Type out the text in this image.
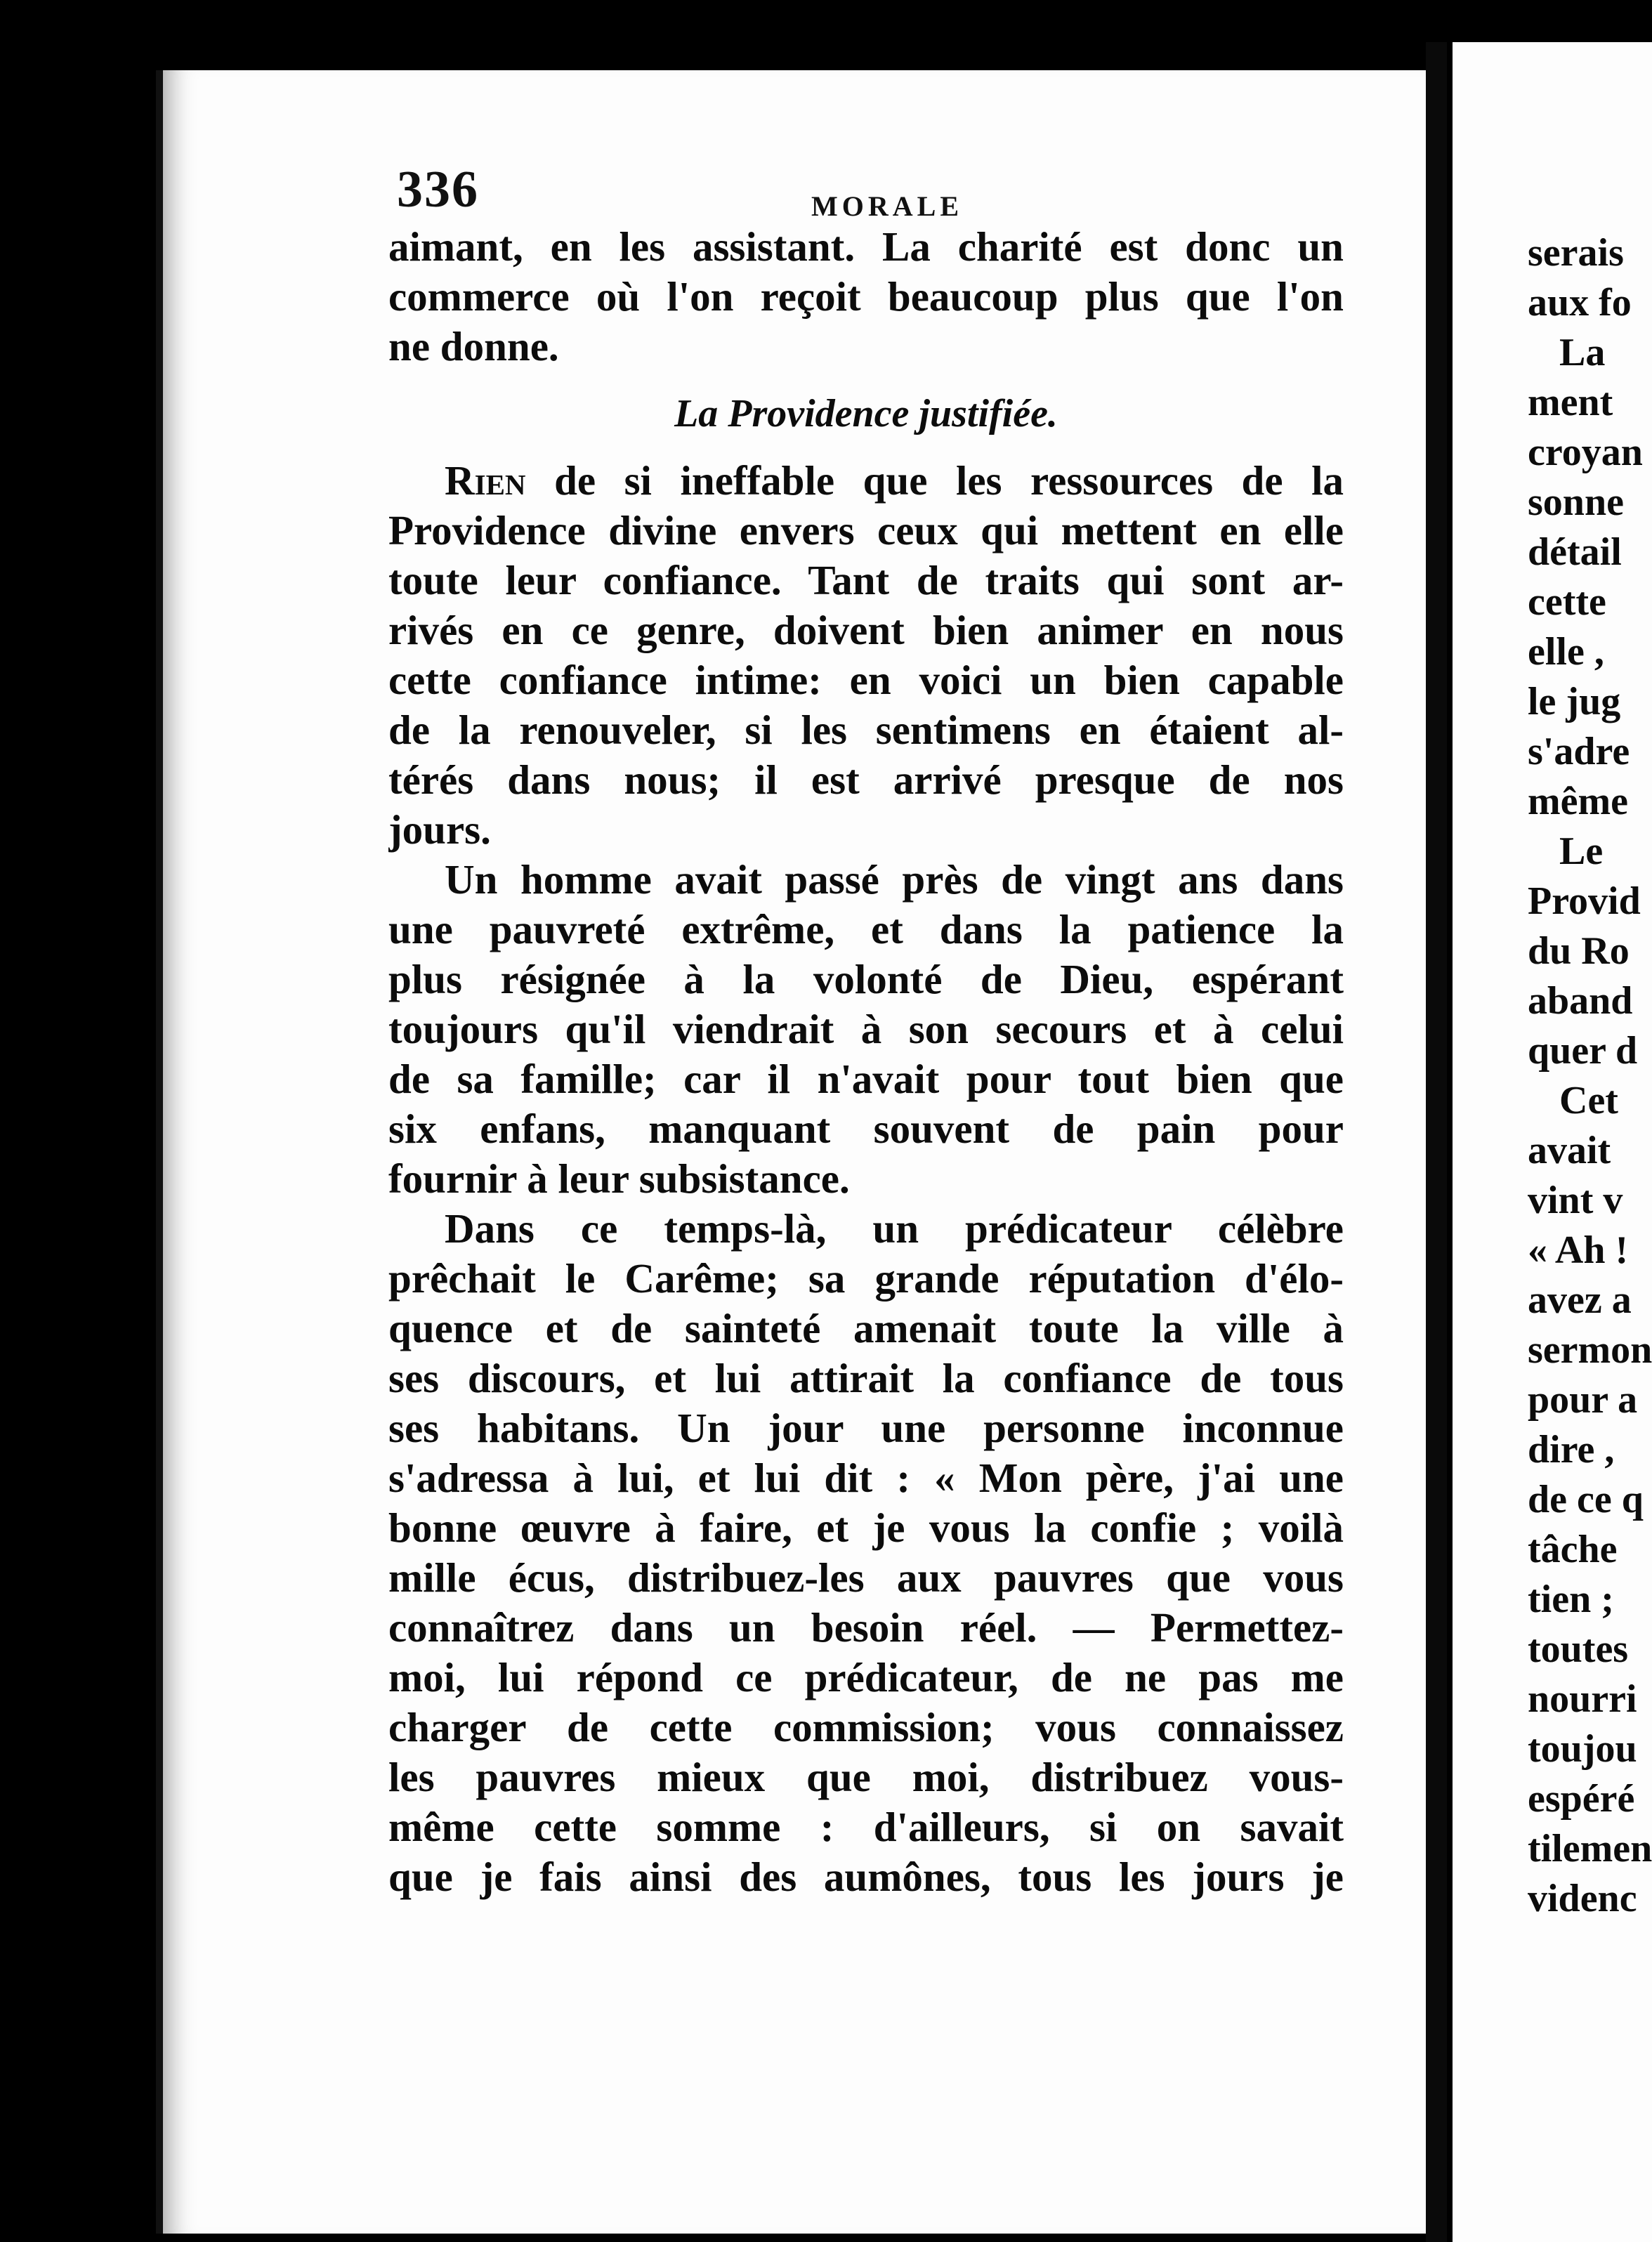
336	MORALE
aimant, en les assistant. La charité est donc un
commerce où l'on reçoit beaucoup plus que l'on
ne donne.
La Providence justifiée.
Rien de si ineffable que les ressources de la
Providence divine envers ceux qui mettent en elle
toute leur confiance. Tant de traits qui sont ar-
rivés en ce genre, doivent bien animer en nous
cette confiance intime: en voici un bien capable
de la renouveler, si les sentimens en étaient al-
térés dans nous; il est arrivé presque de nos
jours.
Un homme avait passé près de vingt ans dans
une pauvreté extrême, et dans la patience la
plus résignée à la volonté de Dieu, espérant
toujours qu'il viendrait à son secours et à celui
de sa famille; car il n'avait pour tout bien que
six enfans, manquant souvent de pain pour
fournir à leur subsistance.
Dans ce temps-là, un prédicateur célèbre
prêchait le Carême; sa grande réputation d'élo-
quence et de sainteté amenait toute la ville à
ses discours, et lui attirait la confiance de tous
ses habitans. Un jour une personne inconnue
s'adressa à lui, et lui dit : « Mon père, j'ai une
bonne œuvre à faire, et je vous la confie ; voilà
mille écus, distribuez-les aux pauvres que vous
connaîtrez dans un besoin réel. — Permettez-
moi, lui répond ce prédicateur, de ne pas me
charger de cette commission; vous connaissez
les pauvres mieux que moi, distribuez vous-
même cette somme : d'ailleurs, si on savait
que je fais ainsi des aumônes, tous les jours je
serais
aux fo
La
ment
croyan
sonne
détail
cette
elle ,
le jug
s'adre
même
Le
Provid
du Ro
aband
quer d
Cet
avait
vint v
« Ah !
avez a
sermon
pour a
dire ,
de ce q
tâche
tien ;
toutes
nourri
toujou
espéré
tilemen
videnc
